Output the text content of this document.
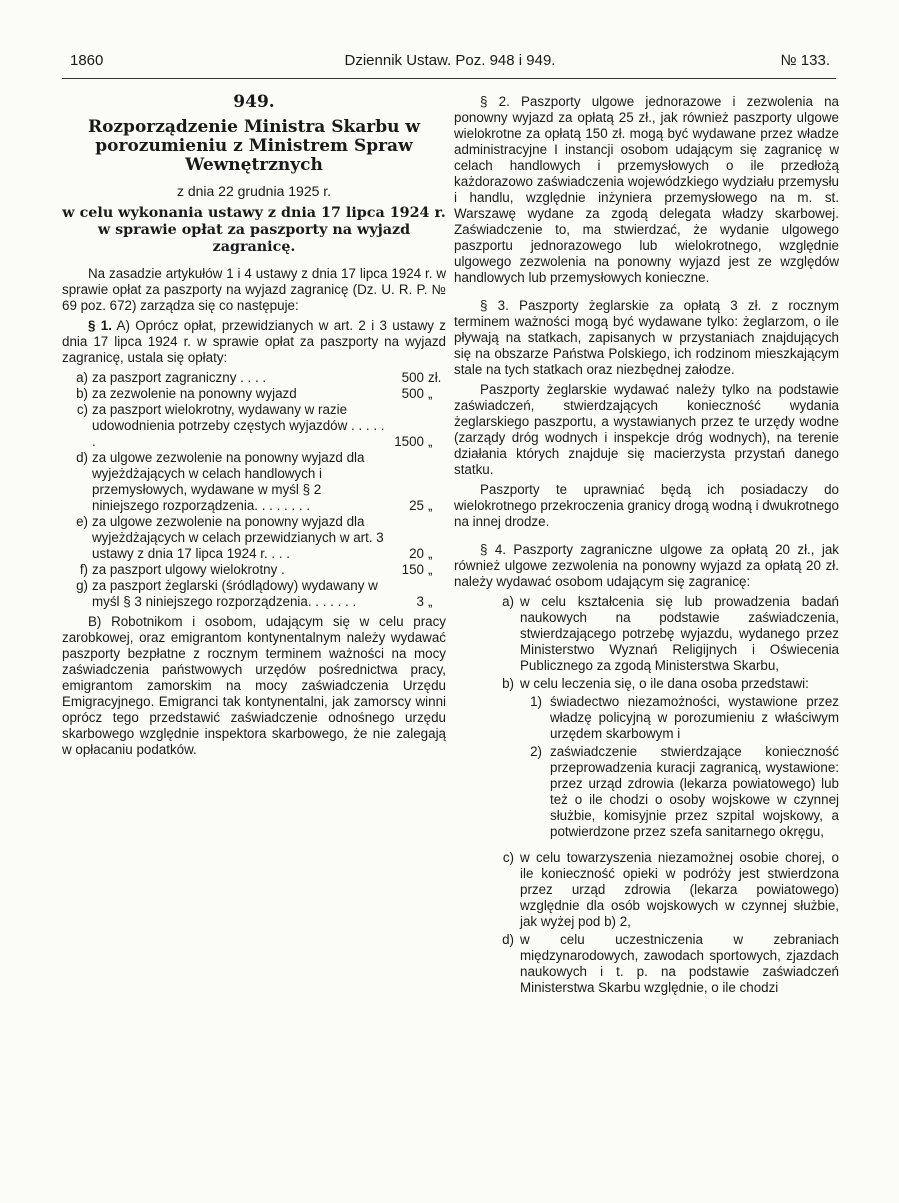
1860	Dziennik Ustaw. Poz. 948 i 949.	№ 133.
949.
Rozporządzenie Ministra Skarbu w porozumieniu z Ministrem Spraw Wewnętrznych
z dnia 22 grudnia 1925 r.
w celu wykonania ustawy z dnia 17 lipca 1924 r. w sprawie opłat za paszporty na wyjazd zagranicę.

Na zasadzie artykułów 1 i 4 ustawy z dnia 17 lipca 1924 r. w sprawie opłat za paszporty na wyjazd zagranicę (Dz. U. R. P. № 69 poz. 672) zarządza się co następuje:

§ 1. A) Oprócz opłat, przewidzianych w art. 2 i 3 ustawy z dnia 17 lipca 1924 r. w sprawie opłat za paszporty na wyjazd zagranicę, ustala się opłaty:

a) za paszport zagraniczny . . . .	500 zł.
b) za zezwolenie na ponowny wyjazd	500 „
c) za paszport wielokrotny, wydawany w razie udowodnienia potrzeby częstych wyjazdów . . . . . .	1500 „
d) za ulgowe zezwolenie na ponowny wyjazd dla wyjeżdżających w celach handlowych i przemysłowych, wydawane w myśl § 2 niniejszego rozporządzenia. . . . . . . .	25 „
e) za ulgowe zezwolenie na ponowny wyjazd dla wyjeżdżających w celach przewidzianych w art. 3 ustawy z dnia 17 lipca 1924 r. . . .	20 „
f) za paszport ulgowy wielokrotny .	150 „
g) za paszport żeglarski (śródlądowy) wydawany w myśl § 3 niniejszego rozporządzenia. . . . . . .	3 „

B) Robotnikom i osobom, udającym się w celu pracy zarobkowej, oraz emigrantom kontynentalnym należy wydawać paszporty bezpłatne z rocznym terminem ważności na mocy zaświadczenia państwowych urzędów pośrednictwa pracy, emigrantom zamorskim na mocy zaświadczenia Urzędu Emigracyjnego. Emigranci tak kontynentalni, jak zamorscy winni oprócz tego przedstawić zaświadczenie odnośnego urzędu skarbowego względnie inspektora skarbowego, że nie zalegają w opłacaniu podatków.

§ 2. Paszporty ulgowe jednorazowe i zezwolenia na ponowny wyjazd za opłatą 25 zł., jak również paszporty ulgowe wielokrotne za opłatą 150 zł. mogą być wydawane przez władze administracyjne I instancji osobom udającym się zagranicę w celach handlowych i przemysłowych o ile przedłożą każdorazowo zaświadczenia wojewódzkiego wydziału przemysłu i handlu, względnie inżyniera przemysłowego na m. st. Warszawę wydane za zgodą delegata władzy skarbowej. Zaświadczenie to, ma stwierdzać, że wydanie ulgowego paszportu jednorazowego lub wielokrotnego, względnie ulgowego zezwolenia na ponowny wyjazd jest ze względów handlowych lub przemysłowych konieczne.

§ 3. Paszporty żeglarskie za opłatą 3 zł. z rocznym terminem ważności mogą być wydawane tylko: żeglarzom, o ile pływają na statkach, zapisanych w przystaniach znajdujących się na obszarze Państwa Polskiego, ich rodzinom mieszkającym stale na tych statkach oraz niezbędnej załodze.

Paszporty żeglarskie wydawać należy tylko na podstawie zaświadczeń, stwierdzających konieczność wydania żeglarskiego paszportu, a wystawianych przez te urzędy wodne (zarządy dróg wodnych i inspekcje dróg wodnych), na terenie działania których znajduje się macierzysta przystań danego statku.

Paszporty te uprawniać będą ich posiadaczy do wielokrotnego przekroczenia granicy drogą wodną i dwukrotnego na innej drodze.

§ 4. Paszporty zagraniczne ulgowe za opłatą 20 zł., jak również ulgowe zezwolenia na ponowny wyjazd za opłatą 20 zł. należy wydawać osobom udającym się zagranicę:

a) w celu kształcenia się lub prowadzenia badań naukowych na podstawie zaświadczenia, stwierdzającego potrzebę wyjazdu, wydanego przez Ministerstwo Wyznań Religijnych i Oświecenia Publicznego za zgodą Ministerstwa Skarbu,
b) w celu leczenia się, o ile dana osoba przedstawi:
1) świadectwo niezamożności, wystawione przez władzę policyjną w porozumieniu z właściwym urzędem skarbowym i
2) zaświadczenie stwierdzające konieczność przeprowadzenia kuracji zagranicą, wystawione: przez urząd zdrowia (lekarza powiatowego) lub też o ile chodzi o osoby wojskowe w czynnej służbie, komisyjnie przez szpital wojskowy, a potwierdzone przez szefa sanitarnego okręgu,
c) w celu towarzyszenia niezamożnej osobie chorej, o ile konieczność opieki w podróży jest stwierdzona przez urząd zdrowia (lekarza powiatowego) względnie dla osób wojskowych w czynnej służbie, jak wyżej pod b) 2,
d) w celu uczestniczenia w zebraniach międzynarodowych, zawodach sportowych, zjazdach naukowych i t. p. na podstawie zaświadczeń Ministerstwa Skarbu względnie, o ile chodzi
